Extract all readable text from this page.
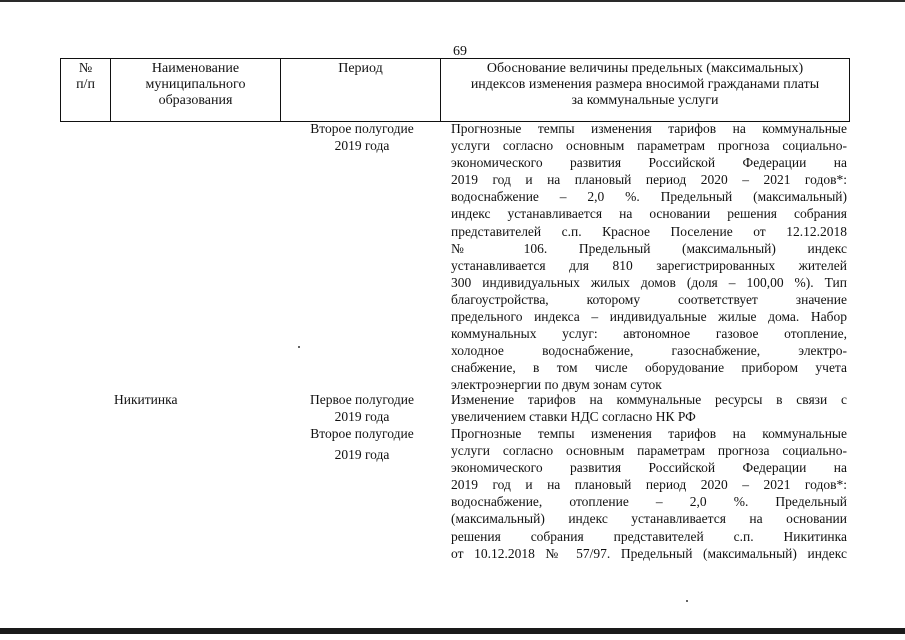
69
№
п/п
Наименование
муниципального
образования
Период	Обоснование величины предельных (максимальных)
индексов изменения размера вносимой гражданами платы
за коммунальные услуги
Второе полугодие
2019 года
Прогнозные темпы изменения тарифов на коммунальные
услуги согласно основным параметрам прогноза социально-
экономического развития Российской Федерации на
2019 год и на плановый период 2020 – 2021 годов*:
водоснабжение – 2,0 %. Предельный (максимальный)
индекс устанавливается на основании решения собрания
представителей с.п. Красное Поселение от 12.12.2018
№ 106. Предельный (максимальный) индекс
устанавливается для 810 зарегистрированных жителей
300 индивидуальных жилых домов (доля – 100,00 %). Тип
благоустройства, которому соответствует значение
предельного индекса – индивидуальные жилые дома. Набор
коммунальных услуг: автономное газовое отопление,
холодное водоснабжение, газоснабжение, электро-
снабжение, в том числе оборудование прибором учета
электроэнергии по двум зонам суток
Никитинка	Первое полугодие
2019 года
Изменение тарифов на коммунальные ресурсы в связи с
увеличением ставки НДС согласно НК РФ
Второе полугодие
2019 года
Прогнозные темпы изменения тарифов на коммунальные
услуги согласно основным параметрам прогноза социально-
экономического развития Российской Федерации на
2019 год и на плановый период 2020 – 2021 годов*:
водоснабжение, отопление – 2,0 %. Предельный
(максимальный) индекс устанавливается на основании
решения собрания представителей с.п. Никитинка
от 10.12.2018 № 57/97. Предельный (максимальный) индекс
